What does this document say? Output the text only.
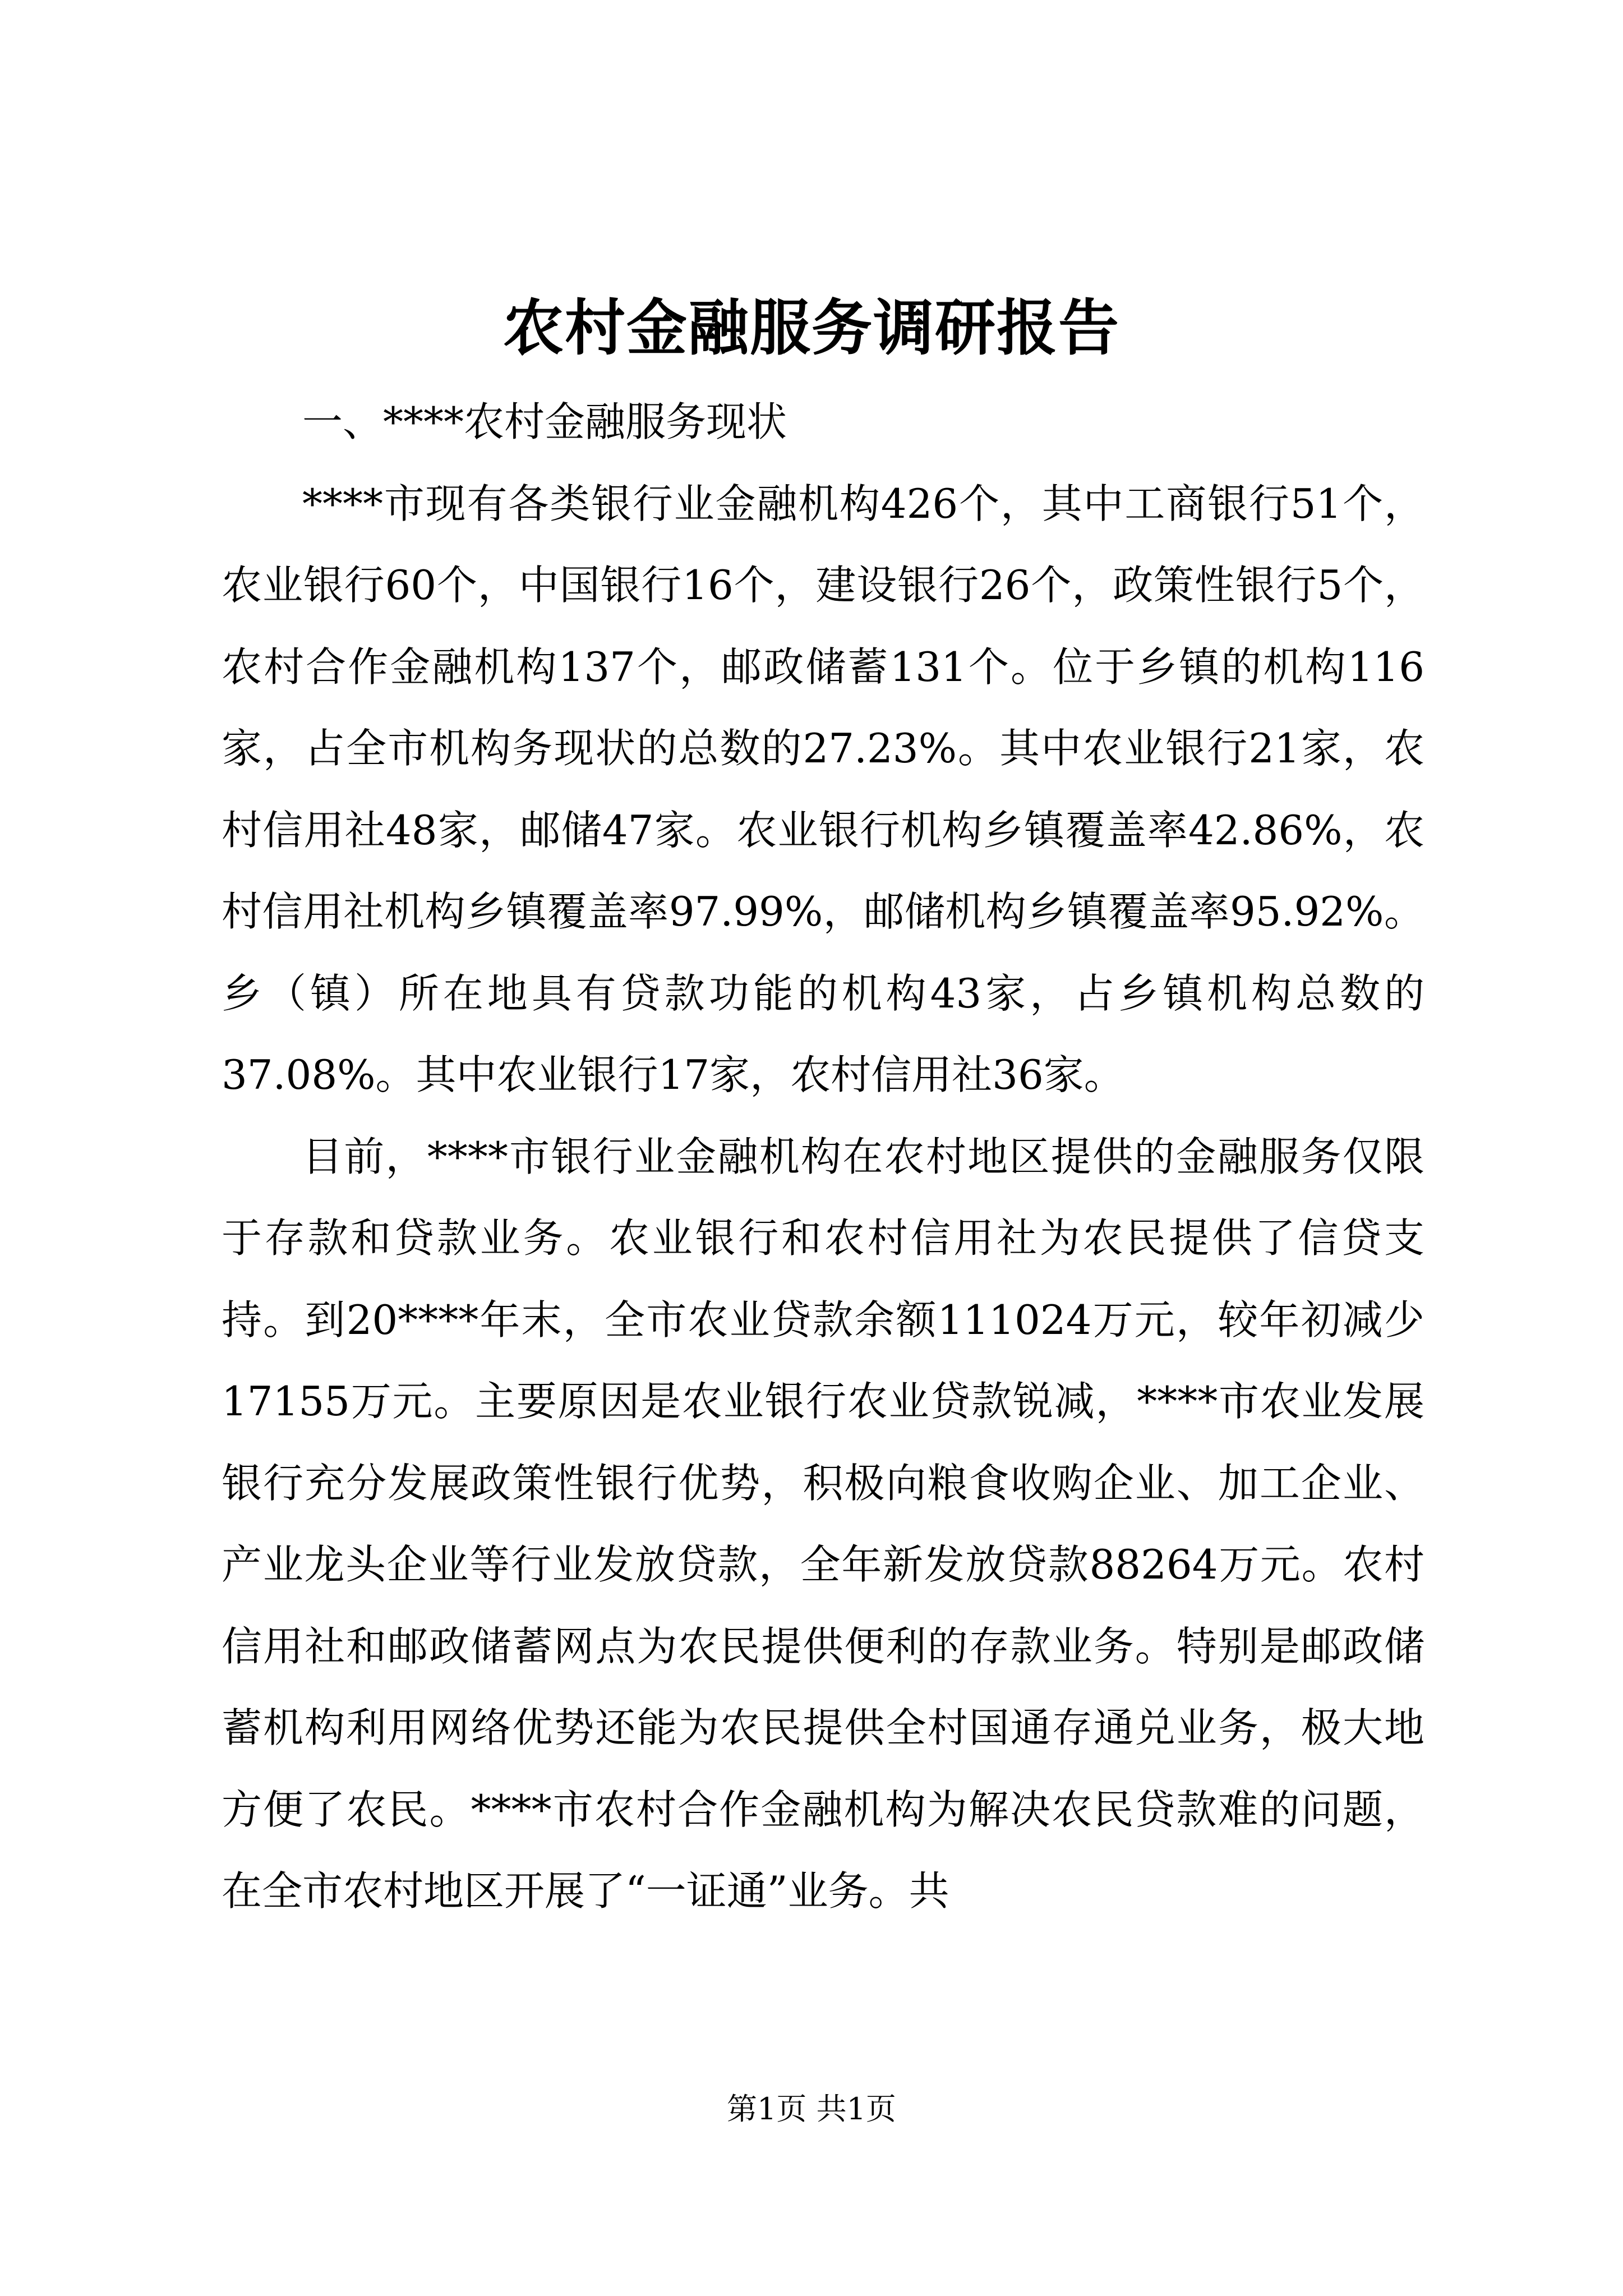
农村金融服务调研报告

一、****农村金融服务现状

****市现有各类银行业金融机构426个，其中工商银行51个，农业银行60个，中国银行16个，建设银行26个，政策性银行5个，农村合作金融机构137个，邮政储蓄131个。位于乡镇的机构116家，占全市机构务现状的总数的27.23%。其中农业银行21家，农村信用社48家，邮储47家。农业银行机构乡镇覆盖率42.86%，农村信用社机构乡镇覆盖率97.99%，邮储机构乡镇覆盖率95.92%。乡（镇）所在地具有贷款功能的机构43家，占乡镇机构总数的37.08%。其中农业银行17家，农村信用社36家。

目前，****市银行业金融机构在农村地区提供的金融服务仅限于存款和贷款业务。农业银行和农村信用社为农民提供了信贷支持。到20****年末，全市农业贷款余额111024万元，较年初减少17155万元。主要原因是农业银行农业贷款锐减，****市农业发展银行充分发展政策性银行优势，积极向粮食收购企业、加工企业、产业龙头企业等行业发放贷款，全年新发放贷款88264万元。农村信用社和邮政储蓄网点为农民提供便利的存款业务。特别是邮政储蓄机构利用网络优势还能为农民提供全村国通存通兑业务，极大地方便了农民。****市农村合作金融机构为解决农民贷款难的问题，在全市农村地区开展了“一证通”业务。共

第1页 共1页
